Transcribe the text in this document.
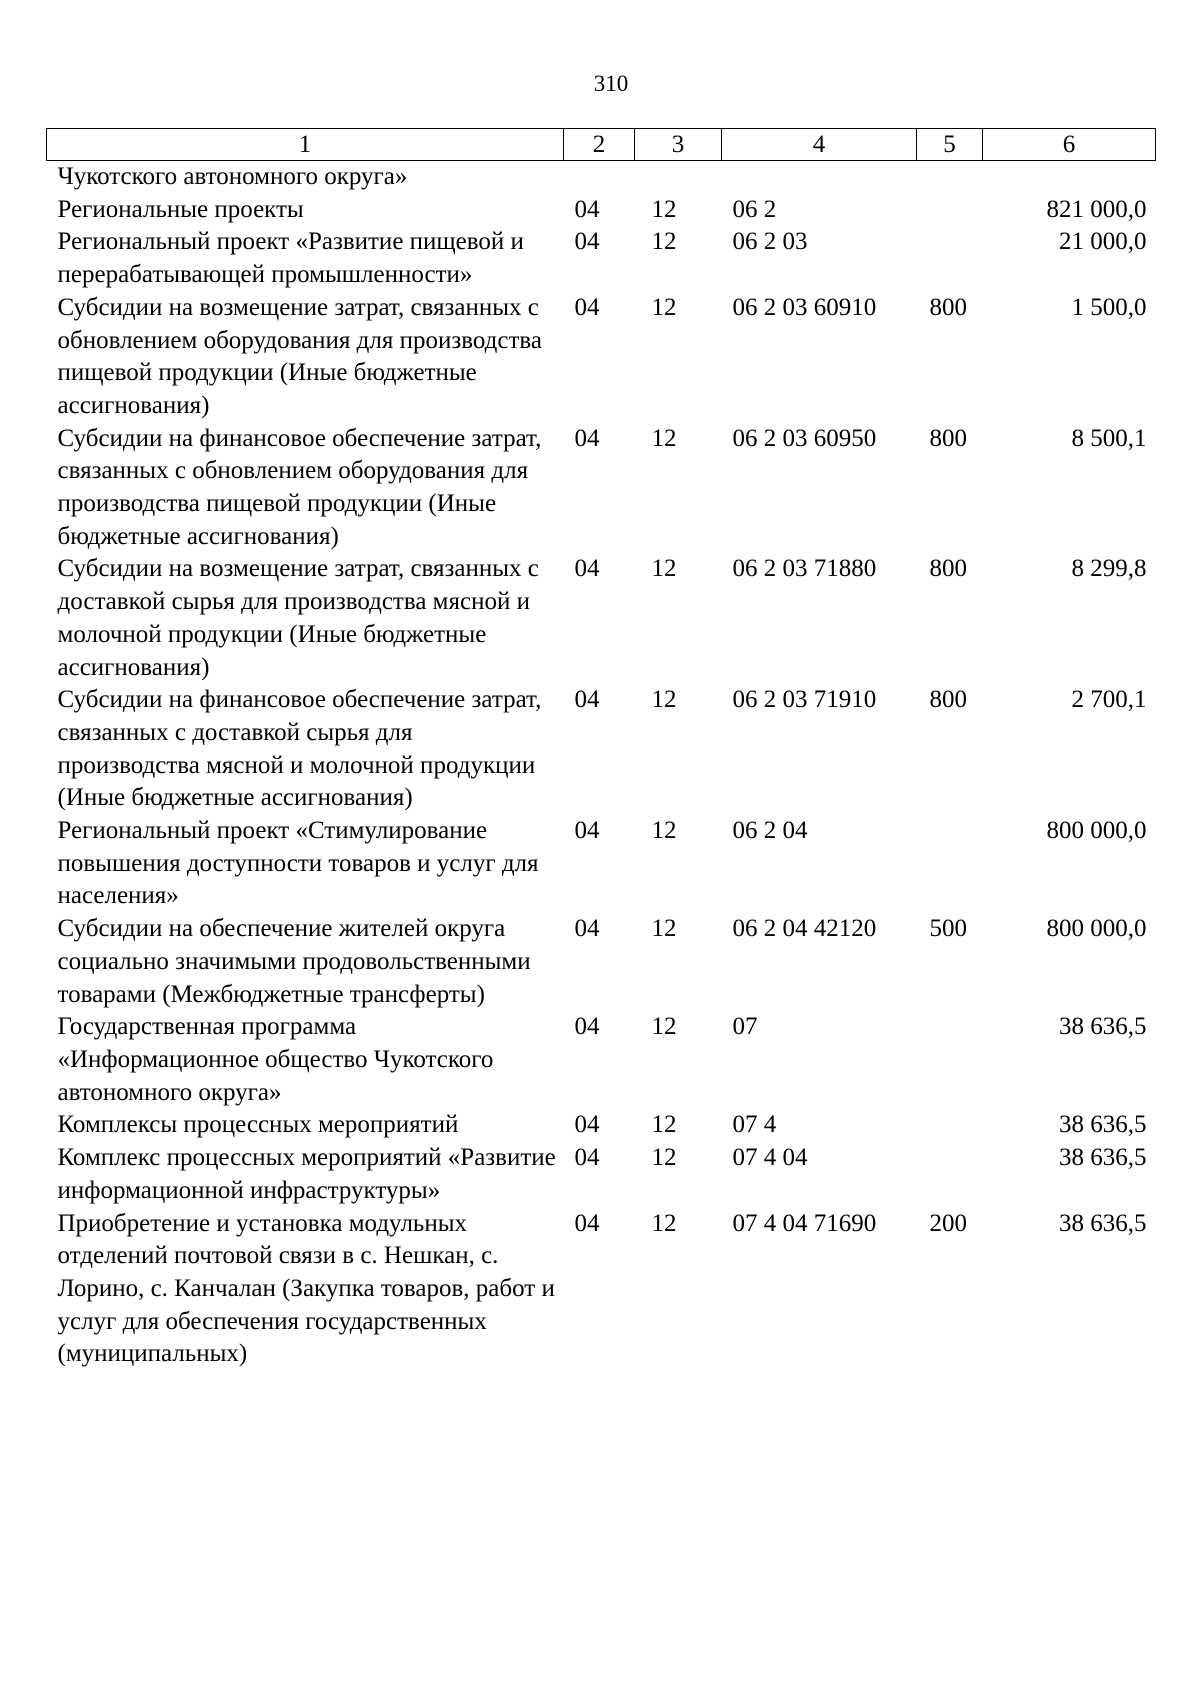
310
1	2	3	4	5	6
Чукотского автономного округа»					
Региональные проекты	04	12	06 2		821 000,0
Региональный проект «Развитие пищевой и перерабатывающей промышленности»	04	12	06 2 03		21 000,0
Субсидии на возмещение затрат, связанных с обновлением оборудования для производства пищевой продукции (Иные бюджетные ассигнования)	04	12	06 2 03 60910	800	1 500,0
Субсидии на финансовое обеспечение затрат, связанных с обновлением оборудования для производства пищевой продукции (Иные бюджетные ассигнования)	04	12	06 2 03 60950	800	8 500,1
Субсидии на возмещение затрат, связанных с доставкой сырья для производства мясной и молочной продукции (Иные бюджетные ассигнования)	04	12	06 2 03 71880	800	8 299,8
Субсидии на финансовое обеспечение затрат, связанных с доставкой сырья для производства мясной и молочной продукции (Иные бюджетные ассигнования)	04	12	06 2 03 71910	800	2 700,1
Региональный проект «Стимулирование повышения доступности товаров и услуг для населения»	04	12	06 2 04		800 000,0
Субсидии на обеспечение жителей округа социально значимыми продовольственными товарами (Межбюджетные трансферты)	04	12	06 2 04 42120	500	800 000,0
Государственная программа «Информационное общество Чукотского автономного округа»	04	12	07		38 636,5
Комплексы процессных мероприятий	04	12	07 4		38 636,5
Комплекс процессных мероприятий «Развитие информационной инфраструктуры»	04	12	07 4 04		38 636,5
Приобретение и установка модульных отделений почтовой связи в с. Нешкан, с. Лорино, с. Канчалан (Закупка товаров, работ и услуг для обеспечения государственных (муниципальных)	04	12	07 4 04 71690	200	38 636,5
